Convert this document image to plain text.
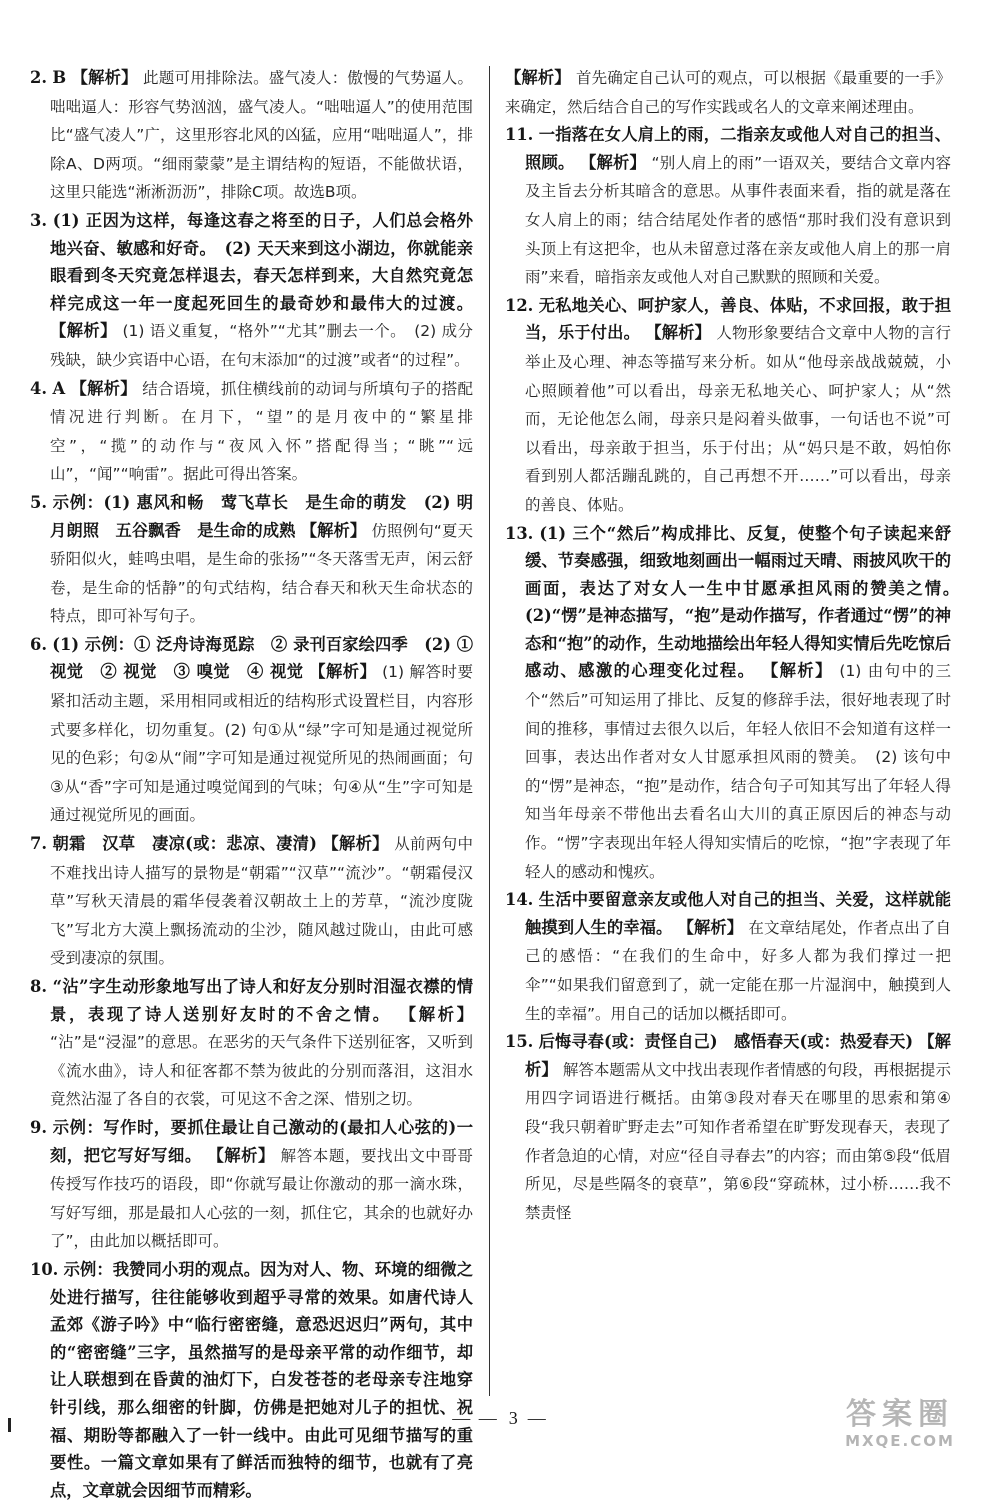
2. B 【 解析 】 此题可用排除法。盛气凌人：傲慢的气势逼人。咄咄逼人：形容气势汹汹，盛气凌人。“咄咄逼人”的使用范围比“盛气凌人”广，这里形容北风的凶猛，应用“咄咄逼人”，排除A、D两项。“细雨蒙蒙”是主谓结构的短语，不能做状语，这里只能选“淅淅沥沥”，排除C项。故选B项。

3. (1) 正因为这样，每逢这春之将至的日子，人们总会格外地兴奋、敏感和好奇。　(2) 天天来到这小湖边，你就能亲眼看到冬天究竟怎样退去，春天怎样到来，大自然究竟怎样完成这一年一度起死回生的最奇妙和最伟大的过渡。 【 解析 】 (1) 语义重复，“格外”“尤其”删去一个。　(2) 成分残缺，缺少宾语中心语，在句末添加“的过渡”或者“的过程”。

4. A 【 解析 】 结合语境，抓住横线前的动词与所填句子的搭配情况进行判断。在月下，“望”的是月夜中的“繁星排空”，“揽”的动作与“夜风入怀”搭配得当；“眺”“远山”，“闻”“响雷”。据此可得出答案。

5. 示例：(1) 惠风和畅　莺飞草长　是生命的萌发　(2) 明月朗照　五谷飘香　是生命的成熟 【 解析 】 仿照例句“夏天骄阳似火，蛙鸣虫唱，是生命的张扬”“冬天落雪无声，闲云舒卷，是生命的恬静”的句式结构，结合春天和秋天生命状态的特点，即可补写句子。

6. (1) 示例：① 泛舟诗海觅踪　② 录刊百家绘四季　(2) ① 视觉　② 视觉　③ 嗅觉　④ 视觉 【 解析 】 (1) 解答时要紧扣活动主题，采用相同或相近的结构形式设置栏目，内容形式要多样化，切勿重复。(2) 句①从“绿”字可知是通过视觉所见的色彩；句②从“闹”字可知是通过视觉所见的热闹画面；句③从“香”字可知是通过嗅觉闻到的气味；句④从“生”字可知是通过视觉所见的画面。

7. 朝霜　汉草　凄凉(或：悲凉、凄清) 【 解析 】 从前两句中不难找出诗人描写的景物是“朝霜”“汉草”“流沙”。“朝霜侵汉草”写秋天清晨的霜华侵袭着汉朝故土上的芳草，“流沙度陇飞”写北方大漠上飘扬流动的尘沙，随风越过陇山，由此可感受到凄凉的氛围。

8. “沾”字生动形象地写出了诗人和好友分别时泪湿衣襟的情景，表现了诗人送别好友时的不舍之情。 【 解析 】 “沾”是“浸湿”的意思。在恶劣的天气条件下送别征客，又听到《流水曲》，诗人和征客都不禁为彼此的分别而落泪，这泪水竟然沾湿了各自的衣裳，可见这不舍之深、惜别之切。

9. 示例：写作时，要抓住最让自己激动的(最扣人心弦的)一刻，把它写好写细。 【 解析 】 解答本题，要找出文中哥哥传授写作技巧的语段，即“你就写最让你激动的那一滴水珠，写好写细，那是最扣人心弦的一刻，抓住它，其余的也就好办了”，由此加以概括即可。

10. 示例：我赞同小玥的观点。因为对人、物、环境的细微之处进行描写，往往能够收到超乎寻常的效果。如唐代诗人孟郊《游子吟》中“临行密密缝，意恐迟迟归”两句，其中的“密密缝”三字，虽然描写的是母亲平常的动作细节，却让人联想到在昏黄的油灯下，白发苍苍的老母亲专注地穿针引线，那么细密的针脚，仿佛是把她对儿子的担忧、祝福、期盼等都融入了一针一线中。由此可见细节描写的重要性。一篇文章如果有了鲜活而独特的细节，也就有了亮点，文章就会因细节而精彩。

【 解析 】 首先确定自己认可的观点，可以根据《最重要的一手》来确定，然后结合自己的写作实践或名人的文章来阐述理由。

11. 一指落在女人肩上的雨，二指亲友或他人对自己的担当、照顾。 【 解析 】 “别人肩上的雨”一语双关，要结合文章内容及主旨去分析其暗含的意思。从事件表面来看，指的就是落在女人肩上的雨；结合结尾处作者的感悟“那时我们没有意识到头顶上有这把伞，也从未留意过落在亲友或他人肩上的那一肩雨”来看，暗指亲友或他人对自己默默的照顾和关爱。

12. 无私地关心、呵护家人，善良、体贴，不求回报，敢于担当，乐于付出。 【 解析 】 人物形象要结合文章中人物的言行举止及心理、神态等描写来分析。如从“他母亲战战兢兢，小心照顾着他”可以看出，母亲无私地关心、呵护家人；从“然而，无论他怎么闹，母亲只是闷着头做事，一句话也不说”可以看出，母亲敢于担当，乐于付出；从“妈只是不敢，妈怕你看到别人都活蹦乱跳的，自己再想不开……”可以看出，母亲的善良、体贴。

13. (1) 三个“然后”构成排比、反复，使整个句子读起来舒缓、节奏感强，细致地刻画出一幅雨过天晴、雨披风吹干的画面，表达了对女人一生中甘愿承担风雨的赞美之情。　(2)“愣”是神态描写，“抱”是动作描写，作者通过“愣”的神态和“抱”的动作，生动地描绘出年轻人得知实情后先吃惊后感动、感激的心理变化过程。 【 解析 】 (1) 由句中的三个“然后”可知运用了排比、反复的修辞手法，很好地表现了时间的推移，事情过去很久以后，年轻人依旧不会知道有这样一回事，表达出作者对女人甘愿承担风雨的赞美。　(2) 该句中的“愣”是神态，“抱”是动作，结合句子可知其写出了年轻人得知当年母亲不带他出去看名山大川的真正原因后的神态与动作。“愣”字表现出年轻人得知实情后的吃惊，“抱”字表现了年轻人的感动和愧疚。

14. 生活中要留意亲友或他人对自己的担当、关爱，这样就能触摸到人生的幸福。 【 解析 】 在文章结尾处，作者点出了自己的感悟：“在我们的生命中，好多人都为我们撑过一把伞”“如果我们留意到了，就一定能在那一片湿润中，触摸到人生的幸福”。用自己的话加以概括即可。

15. 后悔寻春(或：责怪自己)　感悟春天(或：热爱春天) 【 解析 】 解答本题需从文中找出表现作者情感的句段，再根据提示用四字词语进行概括。由第③段对春天在哪里的思索和第④段“我只朝着旷野走去”可知作者希望在旷野发现春天，表现了作者急迫的心情，对应“径自寻春去”的内容；而由第⑤段“低眉所见，尽是些隔冬的衰草”，第⑥段“穿疏林，过小桥……我不禁责怪

— — 3 —	答案圈
MXQE.COM
